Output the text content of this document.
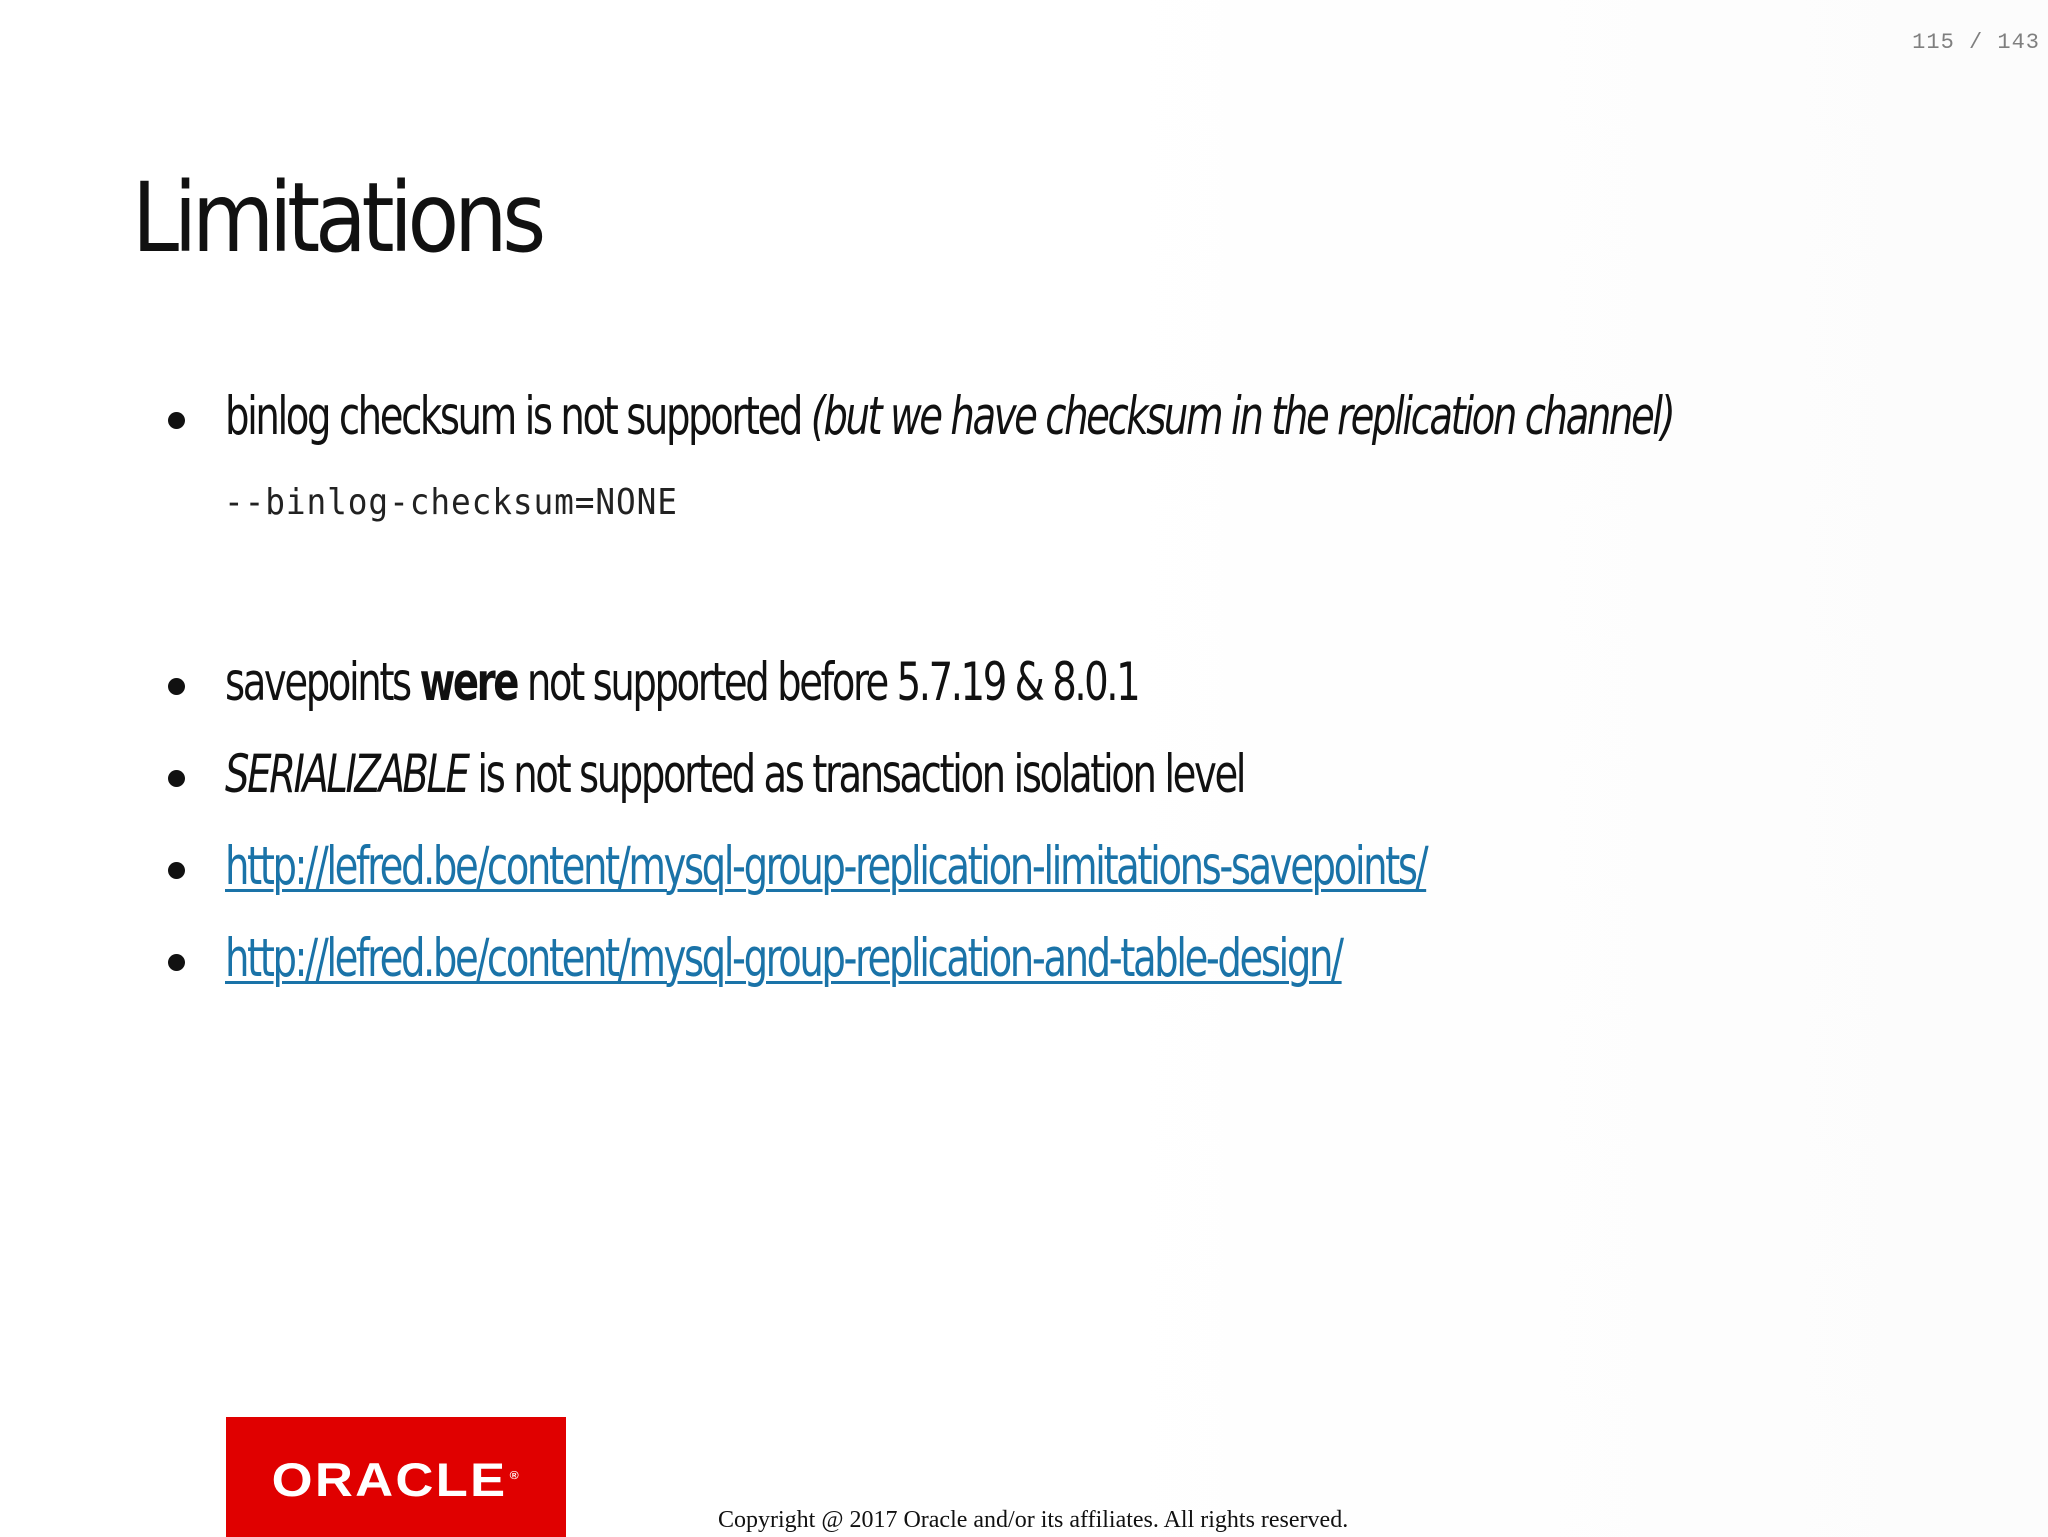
115 / 143
Limitations
binlog checksum is not supported (but we have checksum in the replication channel)
--binlog-checksum=NONE
savepoints were not supported before 5.7.19 & 8.0.1
SERIALIZABLE is not supported as transaction isolation level
http://lefred.be/content/mysql-group-replication-limitations-savepoints/
http://lefred.be/content/mysql-group-replication-and-table-design/
ORACLE ®
Copyright @ 2017 Oracle and/or its affiliates. All rights reserved.
